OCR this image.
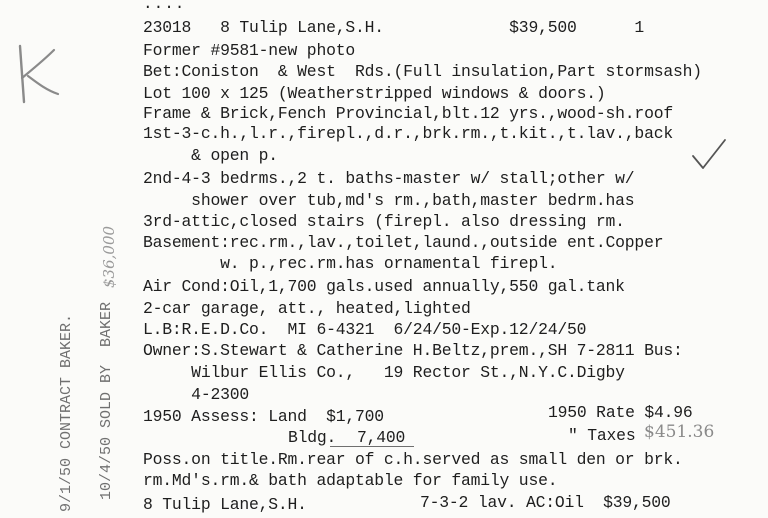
....
23018   8 Tulip Lane,S.H.             $39,500      1
Former #9581-new photo
Bet:Coniston  & West  Rds.(Full insulation,Part stormsash)
Lot 100 x 125 (Weatherstripped windows & doors.)
Frame & Brick,Fench Provincial,blt.12 yrs.,wood-sh.roof
1st-3-c.h.,l.r.,firepl.,d.r.,brk.rm.,t.kit.,t.lav.,back
& open p.
2nd-4-3 bedrms.,2 t. baths-master w/ stall;other w/
shower over tub,md's rm.,bath,master bedrm.has
3rd-attic,closed stairs (firepl. also dressing rm.
Basement:rec.rm.,lav.,toilet,laund.,outside ent.Copper
w. p.,rec.rm.has ornamental firepl.
Air Cond:Oil,1,700 gals.used annually,550 gal.tank
2-car garage, att., heated,lighted
L.B:R.E.D.Co.  MI 6-4321  6/24/50-Exp.12/24/50
Owner:S.Stewart & Catherine H.Beltz,prem.,SH 7-2811 Bus:
Wilbur Ellis Co.,   19 Rector St.,N.Y.C.Digby
4-2300
1950 Assess: Land  $1,700	1950 Rate $4.96
Bldg. 7,400	" Taxes $451.36
Poss.on title.Rm.rear of c.h.served as small den or brk.
rm.Md's.rm.& bath adaptable for family use.
8 Tulip Lane,S.H.	7-3-2 lav. AC:Oil  $39,500
9/1/50 CONTRACT BAKER. 10/4/50 SOLD BY  BAKER
$36,000
